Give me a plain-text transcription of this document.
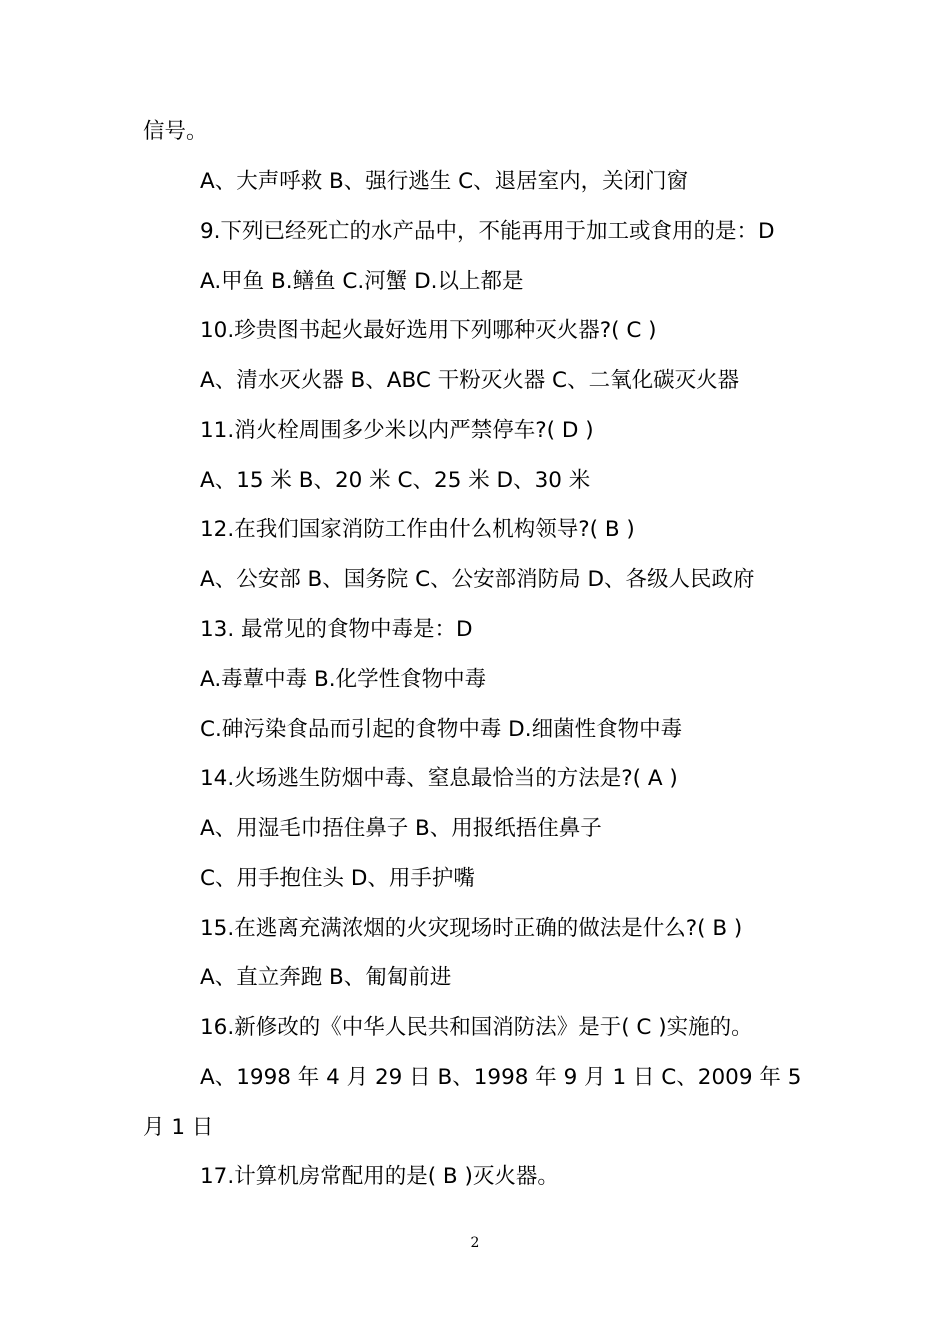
信号。
A、大声呼救 B、强行逃生 C、退居室内，关闭门窗
9.下列已经死亡的水产品中，不能再用于加工或食用的是：D
A.甲鱼 B.鳝鱼 C.河蟹 D.以上都是
10.珍贵图书起火最好选用下列哪种灭火器?( C )
A、清水灭火器 B、ABC 干粉灭火器 C、二氧化碳灭火器
11.消火栓周围多少米以内严禁停车?( D )
A、15 米 B、20 米 C、25 米 D、30 米
12.在我们国家消防工作由什么机构领导?( B )
A、公安部 B、国务院 C、公安部消防局 D、各级人民政府
13. 最常见的食物中毒是：D
A.毒蕈中毒 B.化学性食物中毒
C.砷污染食品而引起的食物中毒 D.细菌性食物中毒
14.火场逃生防烟中毒、窒息最恰当的方法是?( A )
A、用湿毛巾捂住鼻子 B、用报纸捂住鼻子
C、用手抱住头 D、用手护嘴
15.在逃离充满浓烟的火灾现场时正确的做法是什么?( B )
A、直立奔跑 B、匍匐前进
16.新修改的《中华人民共和国消防法》是于( C )实施的。
A、1998 年 4 月 29 日 B、1998 年 9 月 1 日 C、2009 年 5
月 1 日
17.计算机房常配用的是( B )灭火器。
2
